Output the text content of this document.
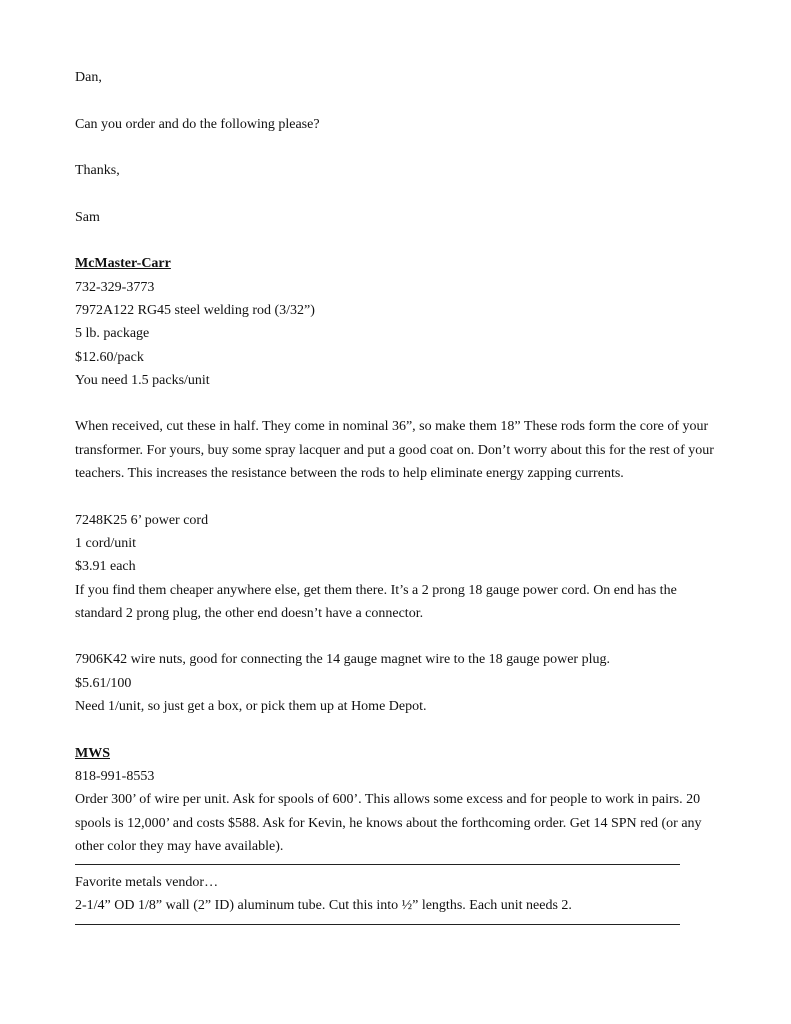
Dan,
Can you order and do the following please?
Thanks,
Sam
McMaster-Carr
732-329-3773
7972A122 RG45 steel welding rod (3/32”)
5 lb. package
$12.60/pack
You need 1.5 packs/unit
When received, cut these in half. They come in nominal 36”, so make them 18” These rods form the core of your transformer. For yours, buy some spray lacquer and put a good coat on. Don’t worry about this for the rest of your teachers. This increases the resistance between the rods to help eliminate energy zapping currents.
7248K25 6’ power cord
1 cord/unit
$3.91 each
If you find them cheaper anywhere else, get them there. It’s a 2 prong 18 gauge power cord. On end has the standard 2 prong plug, the other end doesn’t have a connector.
7906K42 wire nuts, good for connecting the 14 gauge magnet wire to the 18 gauge power plug.
$5.61/100
Need 1/unit, so just get a box, or pick them up at Home Depot.
MWS
818-991-8553
Order 300’ of wire per unit. Ask for spools of 600’. This allows some excess and for people to work in pairs. 20 spools is 12,000’ and costs $588. Ask for Kevin, he knows about the forthcoming order. Get 14 SPN red (or any other color they may have available).
Favorite metals vendor…
2-1/4” OD 1/8” wall (2” ID) aluminum tube. Cut this into ½” lengths. Each unit needs 2.
